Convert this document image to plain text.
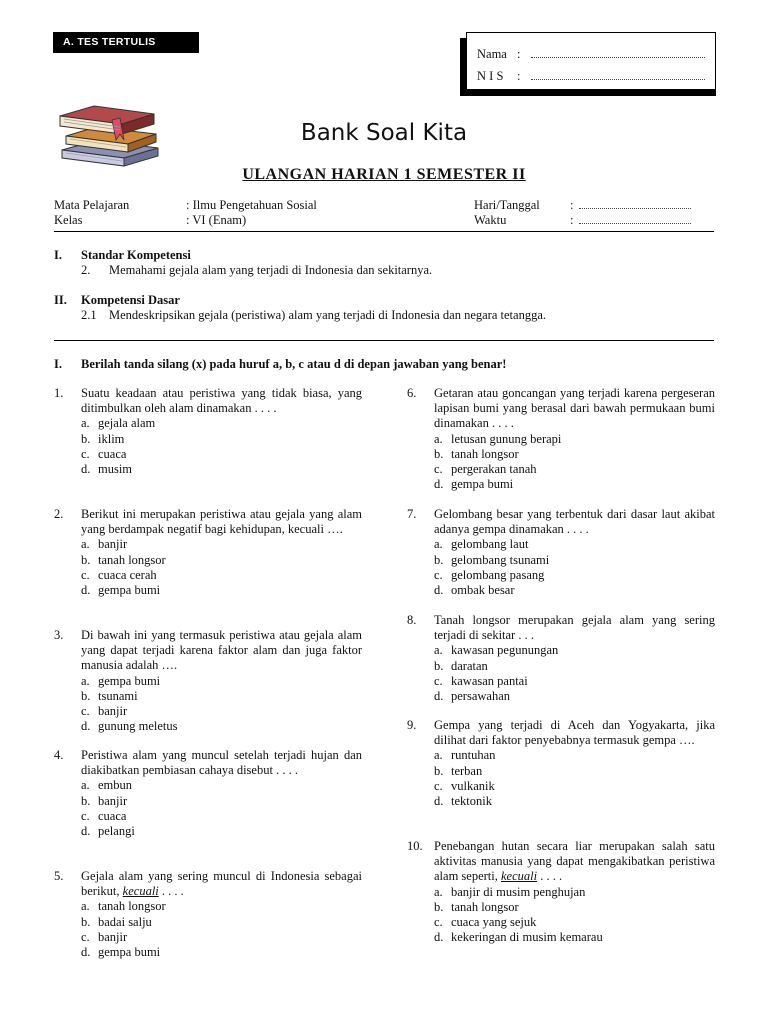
A. TES TERTULIS
Nama :
N I S	:
Bank Soal Kita
ULANGAN HARIAN 1 SEMESTER II
Mata Pelajaran	: Ilmu Pengetahuan Sosial
Kelas	: VI (Enam)
Hari/Tanggal :
Waktu	:
I. Standar Kompetensi
2.	Memahami gejala alam yang terjadi di Indonesia dan sekitarnya.
II. Kompetensi Dasar
2.1 Mendeskripsikan gejala (peristiwa) alam yang terjadi di Indonesia dan negara tetangga.
I. Berilah tanda silang (x) pada huruf a, b, c atau d di depan jawaban yang benar!
1. Suatu keadaan atau peristiwa yang tidak biasa, yang ditimbulkan oleh alam dinamakan . . . .
a. gejala alam
b. iklim
c. cuaca
d. musim
2. Berikut ini merupakan peristiwa atau gejala yang alam yang berdampak negatif bagi kehidupan, kecuali ….
a. banjir
b. tanah longsor
c. cuaca cerah
d. gempa bumi
3. Di bawah ini yang termasuk peristiwa atau gejala alam yang dapat terjadi karena faktor alam dan juga faktor manusia adalah ….
a. gempa bumi
b. tsunami
c. banjir
d. gunung meletus
4. Peristiwa alam yang muncul setelah terjadi hujan dan diakibatkan pembiasan cahaya disebut . . . .
a. embun
b. banjir
c. cuaca
d. pelangi
5. Gejala alam yang sering muncul di Indonesia sebagai berikut, kecuali . . . .
a. tanah longsor
b. badai salju
c. banjir
d. gempa bumi
6. Getaran atau goncangan yang terjadi karena pergeseran lapisan bumi yang berasal dari bawah permukaan bumi dinamakan . . . .
a. letusan gunung berapi
b. tanah longsor
c. pergerakan tanah
d. gempa bumi
7. Gelombang besar yang terbentuk dari dasar laut akibat adanya gempa dinamakan . . . .
a. gelombang laut
b. gelombang tsunami
c. gelombang pasang
d. ombak besar
8. Tanah longsor merupakan gejala alam yang sering terjadi di sekitar . . .
a. kawasan pegunungan
b. daratan
c. kawasan pantai
d. persawahan
9. Gempa yang terjadi di Aceh dan Yogyakarta, jika dilihat dari faktor penyebabnya termasuk gempa ….
a. runtuhan
b. terban
c. vulkanik
d. tektonik
10. Penebangan hutan secara liar merupakan salah satu aktivitas manusia yang dapat mengakibatkan peristiwa alam seperti, kecuali . . . .
a. banjir di musim penghujan
b. tanah longsor
c. cuaca yang sejuk
d. kekeringan di musim kemarau
